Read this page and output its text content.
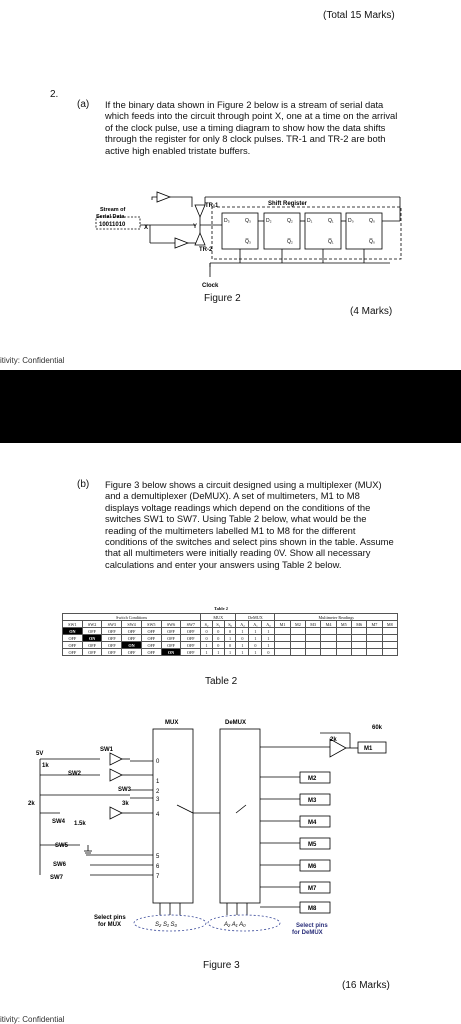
(Total 15 Marks)
2.
(a) If the binary data shown in Figure 2 below is a stream of serial data which feeds into the circuit through point X, one at a time on the arrival of the clock pulse, use a timing diagram to show how the data shifts through the register for only 8 clock pulses. TR-1 and TR-2 are both active high enabled tristate buffers.
Stream of
Serial Data
10011010	X	Y
TR-1
TR-2
Shift Register
Clock
D₃	Q₃
Q̅₃
D₂	Q₂
Q̅₂
D₁	Q₁
Q̅₁
D₀	Q₀
Q̅₀
Figure 2
(4 Marks)
itivity: Confidential
(b) Figure 3 below shows a circuit designed using a multiplexer (MUX) and a demultiplexer (DeMUX). A set of multimeters, M1 to M8 displays voltage readings which depend on the conditions of the switches SW1 to SW7. Using Table 2 below, what would be the reading of the multimeters labelled M1 to M8 for the different conditions of the switches and select pins shown in the table. Assume that all multimeters were initially reading 0V. Show all necessary calculations and enter your answers using Table 2 below.
Table 2
Switch Conditions							MUX			DeMUX			Multimeter Readings							
SW1	SW2	SW3	SW4	SW5	SW6	SW7	S₂	S₁	S₀	A₂	A₁	A₀	M1	M2	M3	M4	M5	M6	M7	M8
ON	OFF	OFF	OFF	OFF	OFF	OFF	0	0	0	1	1	1								
OFF	ON	OFF	OFF	OFF	OFF	OFF	0	0	1	0	1	1								
OFF	OFF	OFF	ON	OFF	OFF	OFF	1	0	0	1	0	1								
OFF	OFF	OFF	OFF	OFF	ON	OFF	1	1	1	1	1	0								
Table 2
MUX	DeMUX
5V
1k
2k
1.5k
3k
60k
2k
SW1
SW2
SW3
SW4
SW5
SW6
SW7
0
1
2
3
4
5
6
7
M1
M2
M3
M4
M5
M6
M7
M8
Select pins
for MUX	Select pins
for DeMUX
S₂ S₁ S₀	A₂ A₁ A₀
Figure 3
(16 Marks)
itivity: Confidential
